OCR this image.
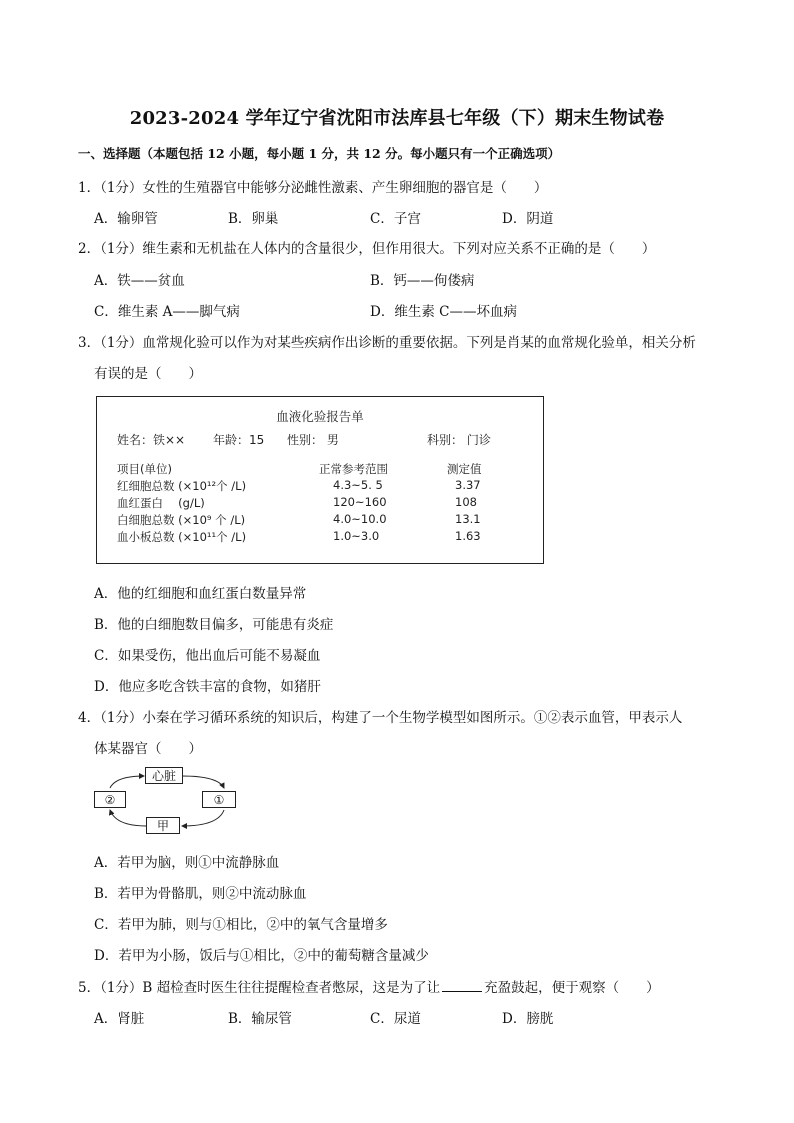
2023-2024 学年辽宁省沈阳市法库县七年级（下）期末生物试卷
一、选择题（本题包括 12 小题，每小题 1 分，共 12 分。每小题只有一个正确选项）
1．（1分）女性的生殖器官中能够分泌雌性激素、产生卵细胞的器官是（　　）
A．输卵管	B．卵巢	C．子宫	D．阴道
2．（1分）维生素和无机盐在人体内的含量很少，但作用很大。下列对应关系不正确的是（　　）
A．铁——贫血	B．钙——佝偻病
C．维生素 A——脚气病	D．维生素 C——坏血病
3．（1分）血常规化验可以作为对某些疾病作出诊断的重要依据。下列是肖某的血常规化验单，相关分析
有误的是（　　）
血液化验报告单
姓名：铁×× 年龄：15 性别： 男	科别： 门诊
项目(单位)	正常参考范围	测定值
红细胞总数 (×10¹²个 /L)	4.3~5. 5	3.37
血红蛋白　 (g/L)	120~160	108
白细胞总数 (×10⁹ 个 /L)	4.0~10.0	13.1
血小板总数 (×10¹¹个 /L)	1.0~3.0	1.63
A．他的红细胞和血红蛋白数量异常
B．他的白细胞数目偏多，可能患有炎症
C．如果受伤，他出血后可能不易凝血
D．他应多吃含铁丰富的食物，如猪肝
4．（1分）小秦在学习循环系统的知识后，构建了一个生物学模型如图所示。①②表示血管，甲表示人
体某器官（　　）
心脏
②	①
甲
A．若甲为脑，则①中流静脉血
B．若甲为骨骼肌，则②中流动脉血
C．若甲为肺，则与①相比，②中的氧气含量增多
D．若甲为小肠，饭后与①相比，②中的葡萄糖含量减少
5．（1分）B 超检查时医生往往提醒检查者憋尿，这是为了让	充盈鼓起，便于观察（　　）
A．肾脏	B．输尿管	C．尿道	D．膀胱
